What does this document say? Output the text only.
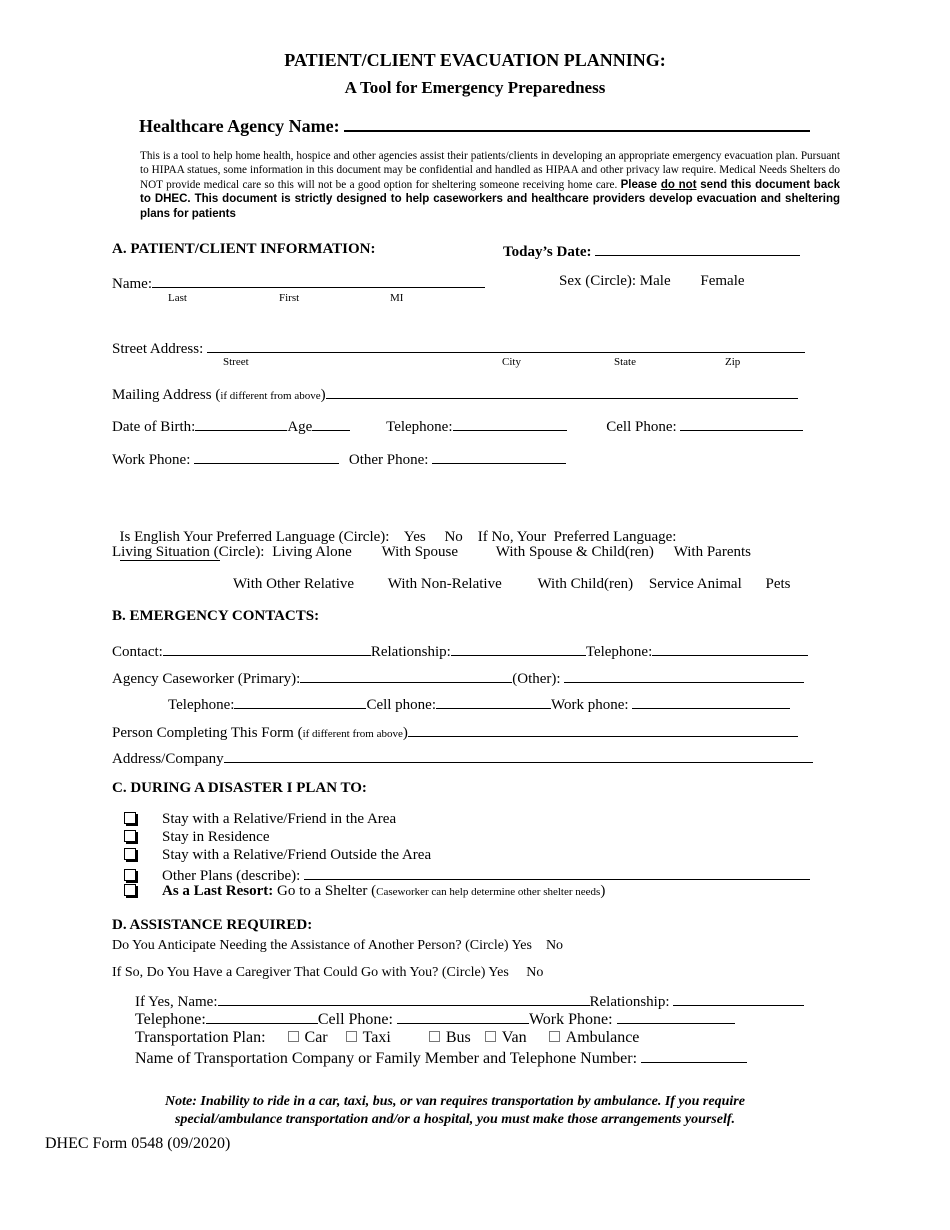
PATIENT/CLIENT EVACUATION PLANNING:
A Tool for Emergency Preparedness
Healthcare Agency Name:
This is a tool to help home health, hospice and other agencies assist their patients/clients in developing an appropriate emergency evacuation plan. Pursuant to HIPAA statues, some information in this document may be confidential and handled as HIPAA and other privacy law require. Medical Needs Shelters do NOT provide medical care so this will not be a good option for sheltering someone receiving home care. Please do not send this document back to DHEC. This document is strictly designed to help caseworkers and healthcare providers develop evacuation and sheltering plans for patients
A. PATIENT/CLIENT INFORMATION:	Today’s Date:
Name:
Last	First	MI
Sex (Circle): Male Female
Street Address:
Street	City	State	Zip
Mailing Address (if different from above)
Date of Birth:	Age	Telephone:	Cell Phone:
Work Phone:	Other Phone:

Is English Your Preferred Language (Circle):    Yes     No    If No, Your  Preferred Language:

Living Situation (Circle): Living Alone With Spouse	With Spouse & Child(ren) With Parents
With Other Relative With Non-Relative With Child(ren) Service Animal Pets
B. EMERGENCY CONTACTS:
Contact:	Relationship:	Telephone:
Agency Caseworker (Primary):	(Other):
Telephone:	Cell phone:	Work phone:
Person Completing This Form (if different from above)
Address/Company
C. DURING A DISASTER I PLAN TO:
Stay with a Relative/Friend in the Area
Stay in Residence
Stay with a Relative/Friend Outside the Area
Other Plans (describe):
As a Last Resort: Go to a Shelter (Caseworker can help determine other shelter needs)
D. ASSISTANCE REQUIRED:
Do You Anticipate Needing the Assistance of Another Person? (Circle) Yes    No
If So, Do You Have a Caregiver That Could Go with You? (Circle) Yes     No
If Yes, Name:	Relationship:
Telephone:	Cell Phone:	Work Phone:
Transportation Plan: Car Taxi	Bus Van Ambulance
Name of Transportation Company or Family Member and Telephone Number:
Note: Inability to ride in a car, taxi, bus, or van requires transportation by ambulance. If you require
special/ambulance transportation and/or a hospital, you must make those arrangements yourself.
DHEC Form 0548 (09/2020)
